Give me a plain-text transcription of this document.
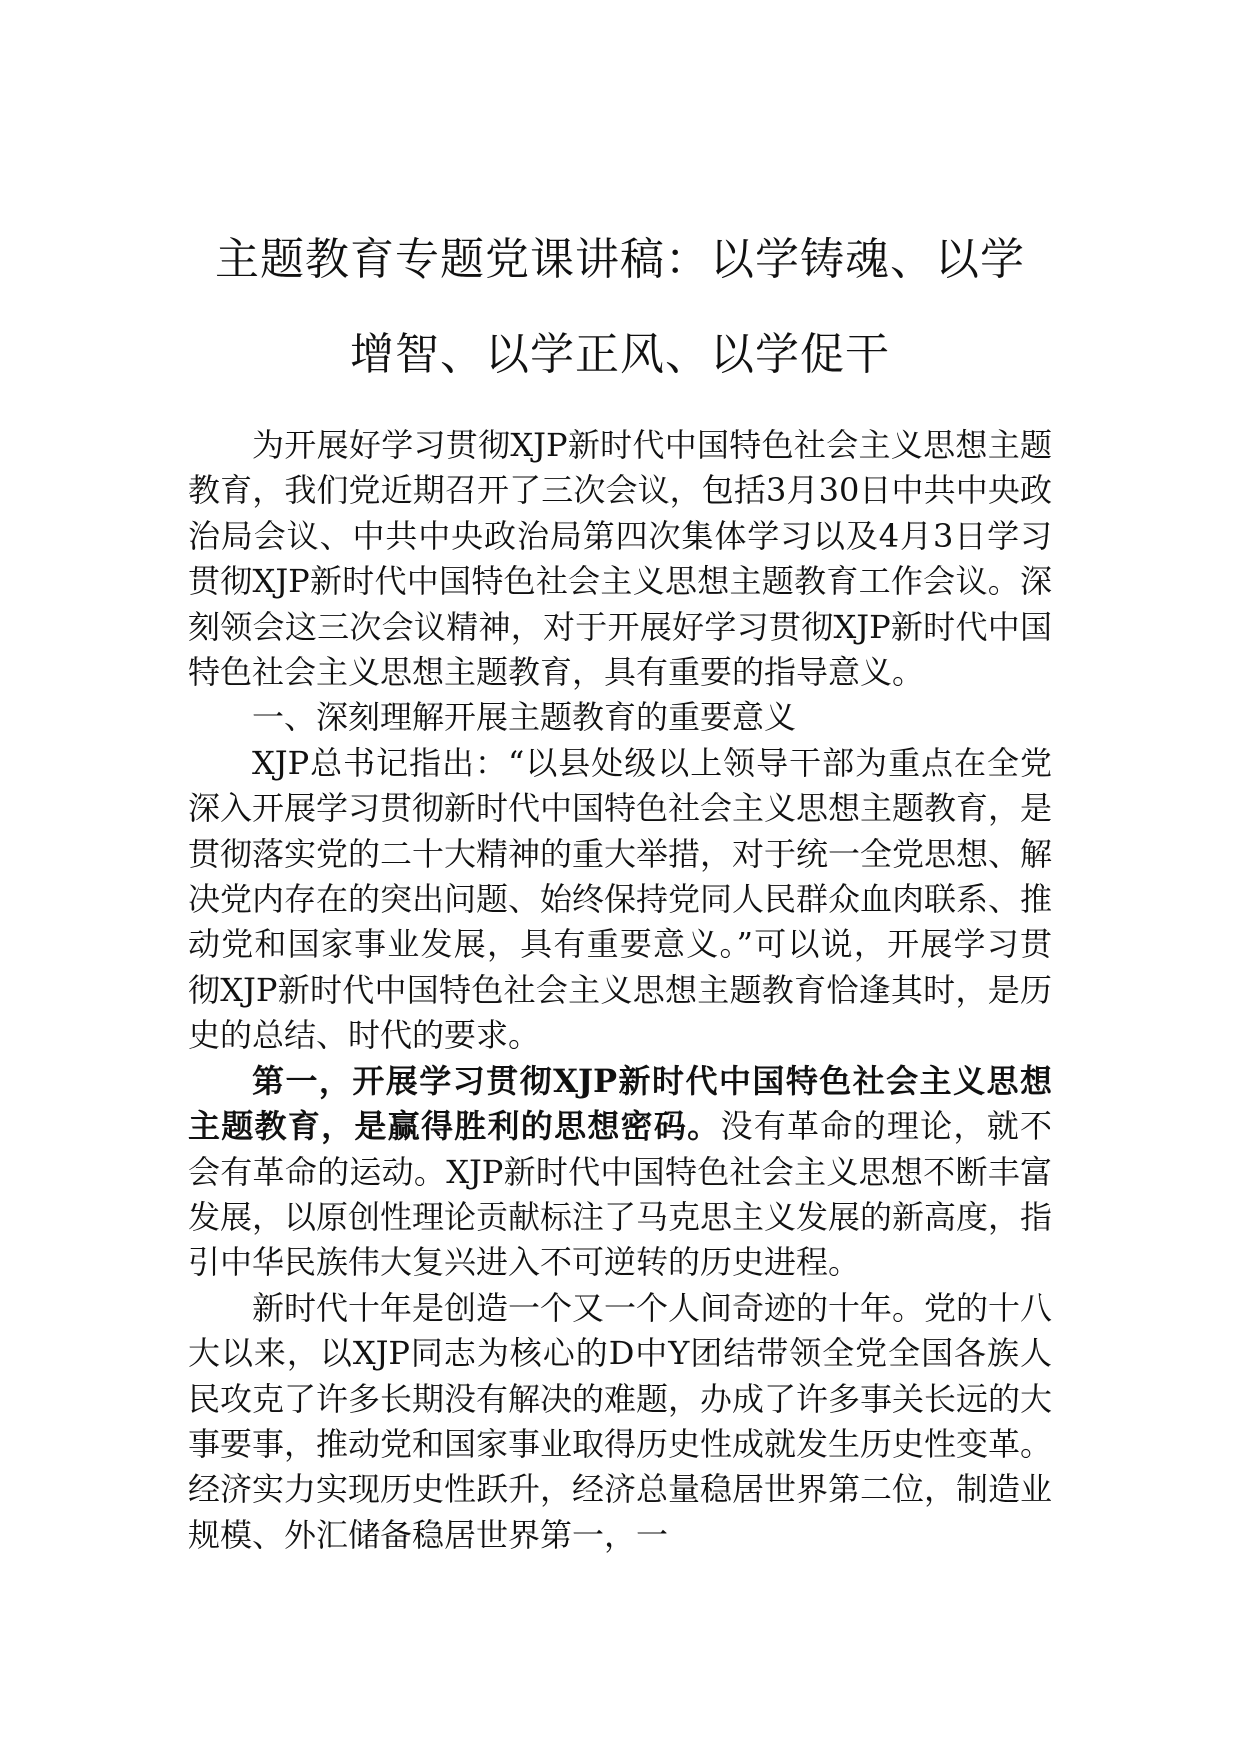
主题教育专题党课讲稿：以学铸魂、以学
增智、以学正风、以学促干

为开展好学习贯彻XJP新时代中国特色社会主义思想主题教育，我们党近期召开了三次会议，包括3月30日中共中央政治局会议、中共中央政治局第四次集体学习以及4月3日学习贯彻XJP新时代中国特色社会主义思想主题教育工作会议。深刻领会这三次会议精神，对于开展好学习贯彻XJP新时代中国特色社会主义思想主题教育，具有重要的指导意义。

一、深刻理解开展主题教育的重要意义

XJP总书记指出：“以县处级以上领导干部为重点在全党深入开展学习贯彻新时代中国特色社会主义思想主题教育，是贯彻落实党的二十大精神的重大举措，对于统一全党思想、解决党内存在的突出问题、始终保持党同人民群众血肉联系、推动党和国家事业发展，具有重要意义。”可以说，开展学习贯彻XJP新时代中国特色社会主义思想主题教育恰逢其时，是历史的总结、时代的要求。

第一，开展学习贯彻XJP新时代中国特色社会主义思想主题教育，是赢得胜利的思想密码。没有革命的理论，就不会有革命的运动。XJP新时代中国特色社会主义思想不断丰富发展，以原创性理论贡献标注了马克思主义发展的新高度，指引中华民族伟大复兴进入不可逆转的历史进程。

新时代十年是创造一个又一个人间奇迹的十年。党的十八大以来，以XJP同志为核心的D中Y团结带领全党全国各族人民攻克了许多长期没有解决的难题，办成了许多事关长远的大事要事，推动党和国家事业取得历史性成就发生历史性变革。经济实力实现历史性跃升，经济总量稳居世界第二位，制造业规模、外汇储备稳居世界第一，一
